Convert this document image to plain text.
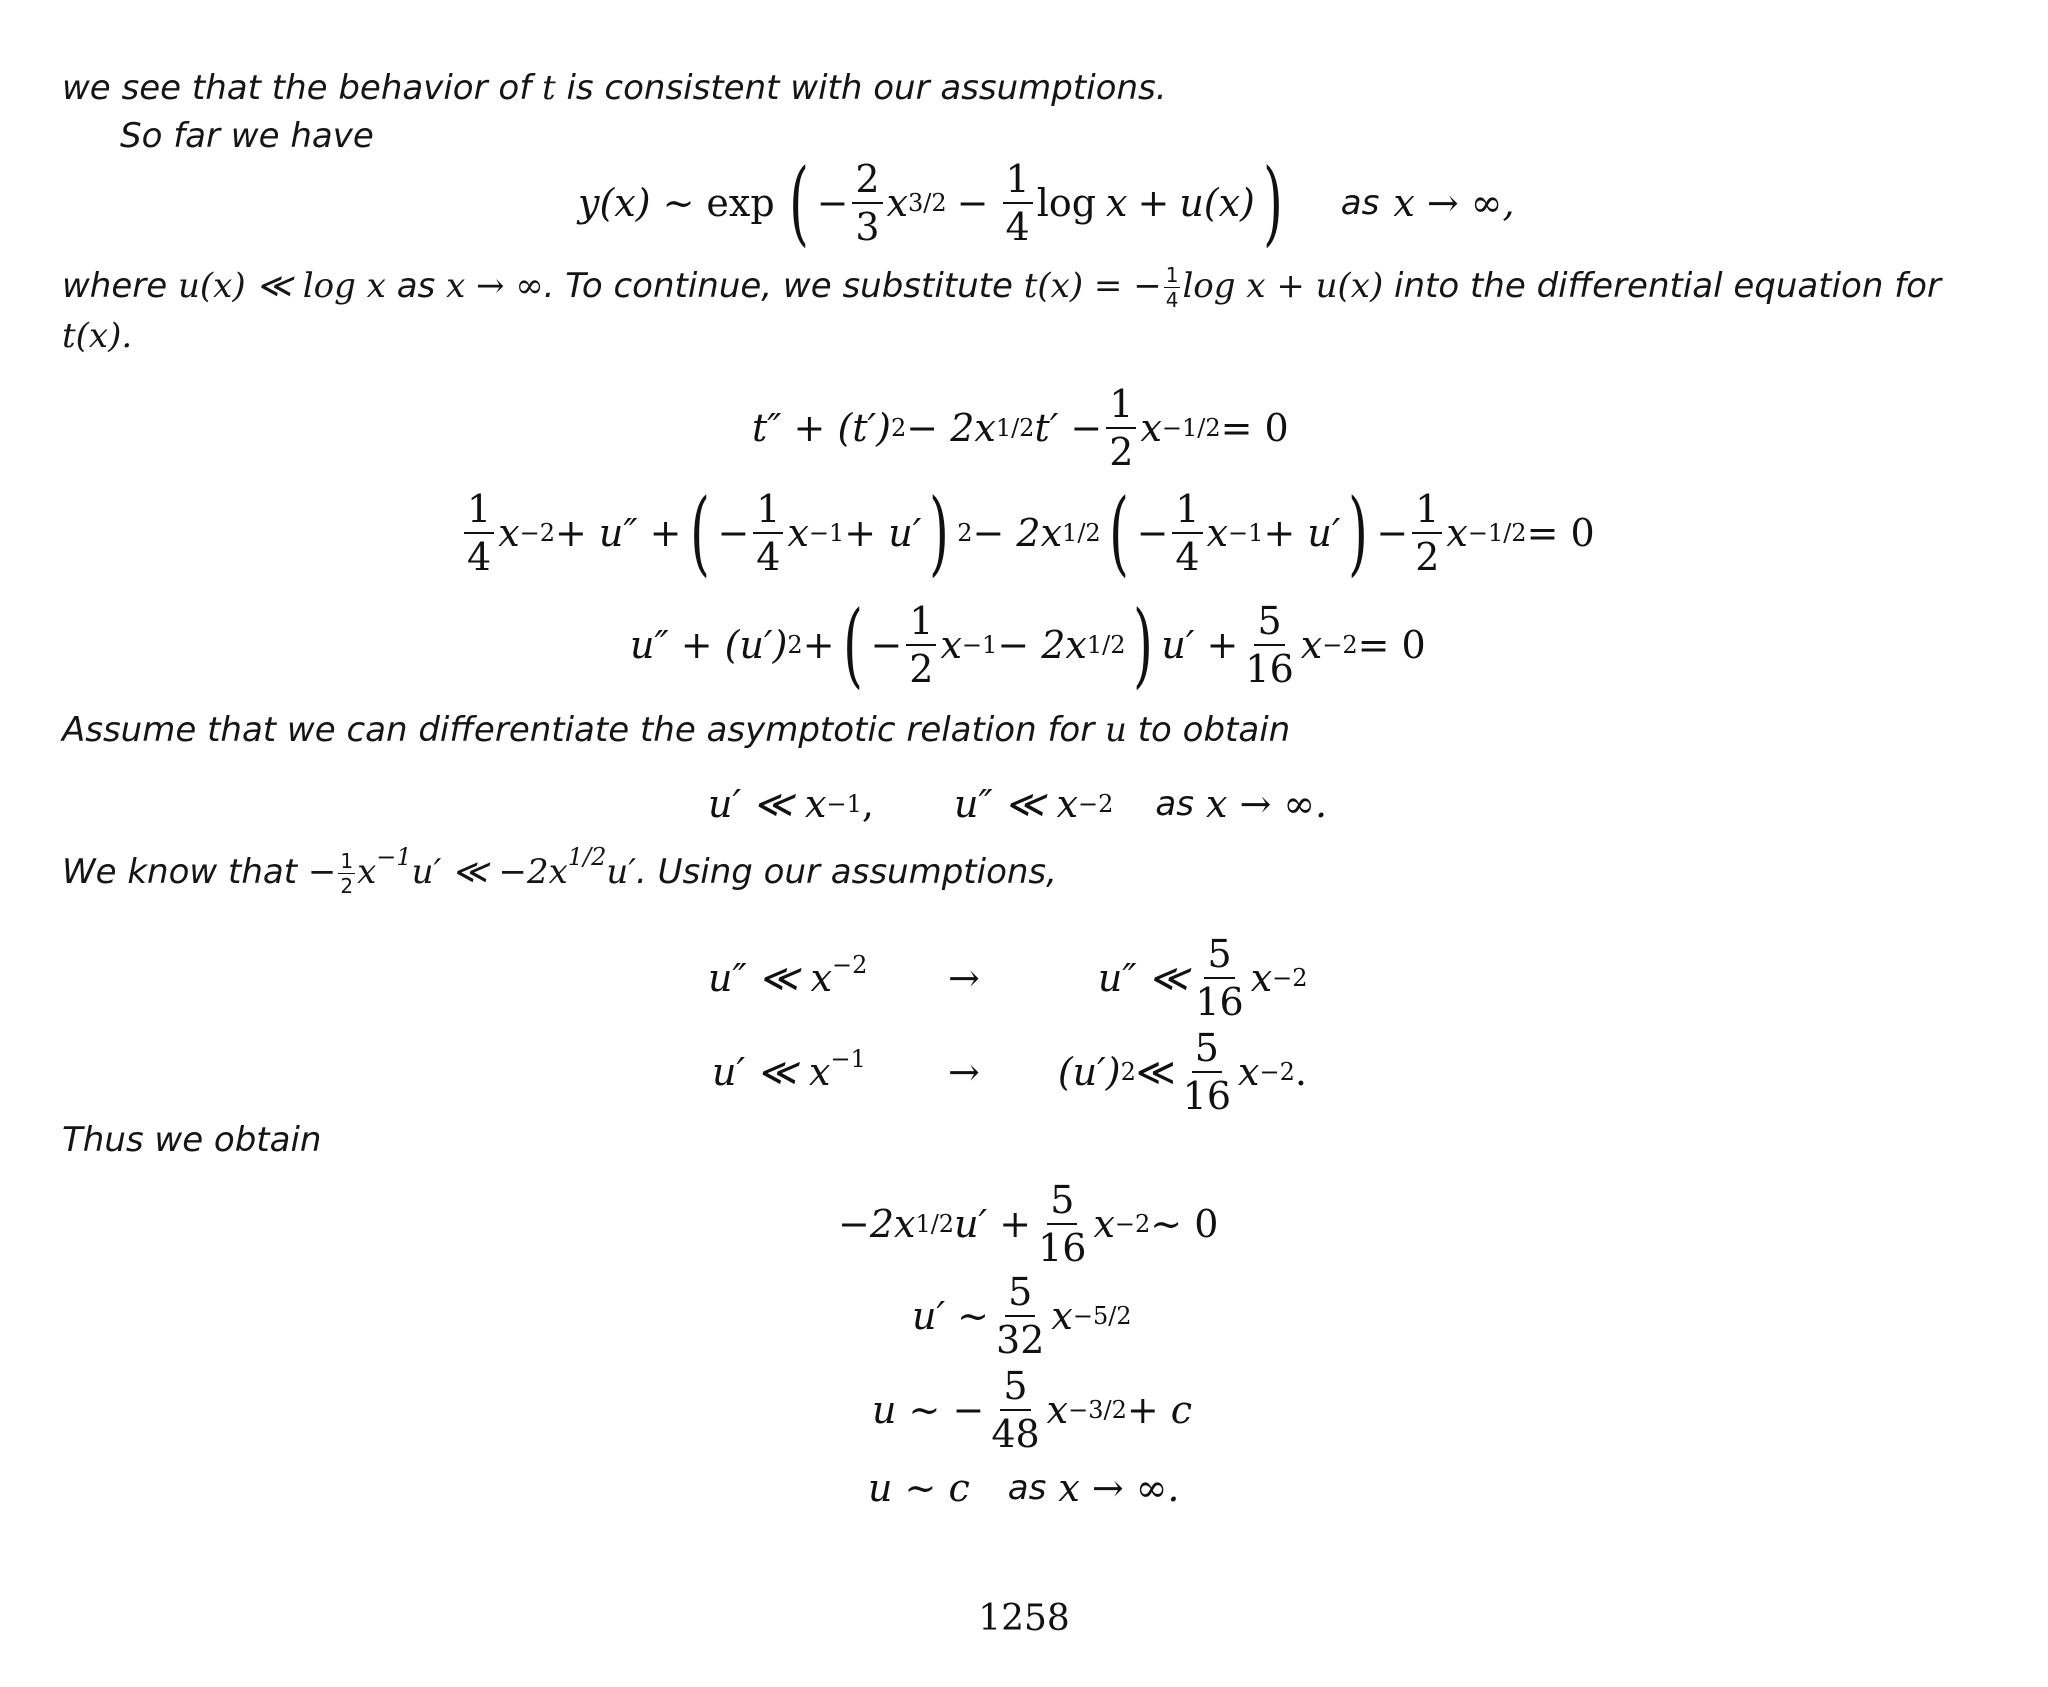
we see that the behavior of t is consistent with our assumptions.
So far we have
y(x) ∼ exp ( − $\frac{2}{3}$ x $3/2 - \frac{1}{4}$ log x + u(x) ) as x → ∞,
where u(x) ≪ log x as x → ∞. To continue, we substitute t(x) = − $\frac{1}{4}$ log x + u(x) into the differential equation for
t(x).
t″ + (t′) 2 − 2x 1/2 $t' - \frac{1}{2}$ x −1/2 = 0
$\frac{1}{4}$ x −2 + u″ + ( − $\frac{1}{4}$ x −1 + u′ ) 2 − 2x 1/2 ( − $\frac{1}{4}$ x −1 + u′ ) − $\frac{1}{2}$ x −1/2 = 0
u″ + (u′) 2 + ( − $\frac{1}{2}$ x −1 − 2x 1/2 ) $u' + \frac{5}{16}$ x −2 = 0
Assume that we can differentiate the asymptotic relation for u to obtain
u′ ≪ x −1 , u″ ≪ x −2 as x → ∞.
We know that − $\frac{1}{2} x^{-1}u'$ ≪ $-2x^{1/2}u'$. Using our assumptions,
u″ ≪ $x^{-2}$ →	u″ ≪ $\frac{5}{16}$ x −2
u′ ≪ $x^{-1} \to (u')$ 2 ≪ $\frac{5}{16}$ x −2 .
Thus we obtain
−2x 1/2 $u' + \frac{5}{16}$ x −2 ∼ 0
u′ ∼ $\frac{5}{32}$ x −5/2
u ∼ − $\frac{5}{48}$ x −3/2 + c
u ∼ c as x → ∞.
1258
